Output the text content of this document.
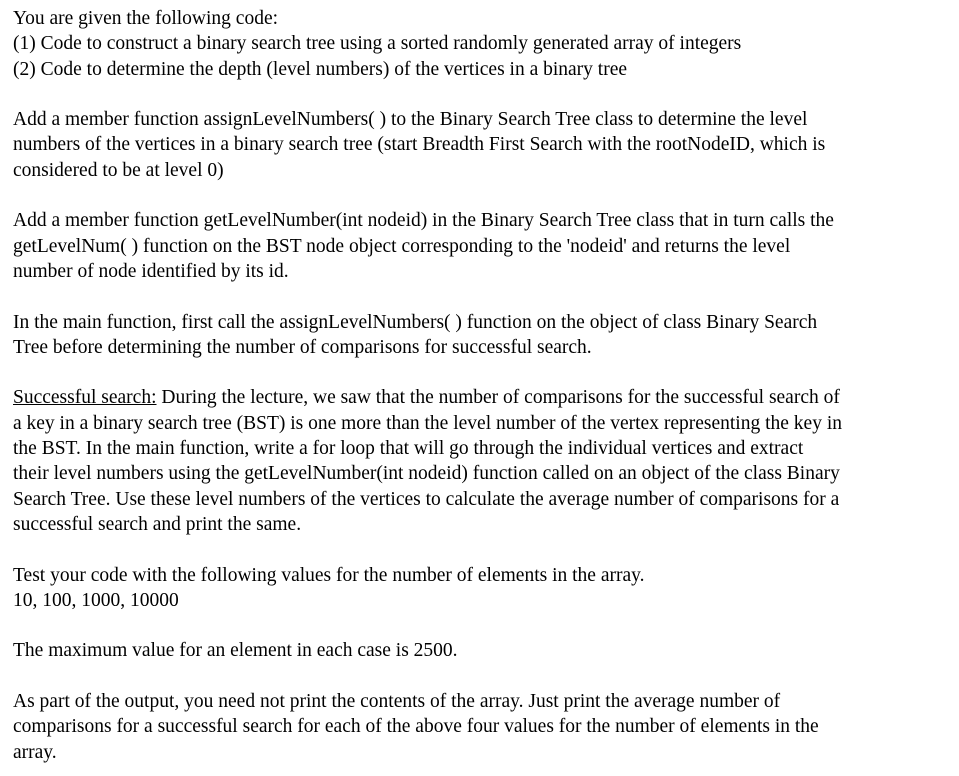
You are given the following code:
(1) Code to construct a binary search tree using a sorted randomly generated array of integers
(2) Code to determine the depth (level numbers) of the vertices in a binary tree

Add a member function assignLevelNumbers( ) to the Binary Search Tree class to determine the level
numbers of the vertices in a binary search tree (start Breadth First Search with the rootNodeID, which is
considered to be at level 0)

Add a member function getLevelNumber(int nodeid) in the Binary Search Tree class that in turn calls the
getLevelNum( ) function on the BST node object corresponding to the 'nodeid' and returns the level
number of node identified by its id.

In the main function, first call the assignLevelNumbers( ) function on the object of class Binary Search
Tree before determining the number of comparisons for successful search.

Successful search: During the lecture, we saw that the number of comparisons for the successful search of
a key in a binary search tree (BST) is one more than the level number of the vertex representing the key in
the BST. In the main function, write a for loop that will go through the individual vertices and extract
their level numbers using the getLevelNumber(int nodeid) function called on an object of the class Binary
Search Tree. Use these level numbers of the vertices to calculate the average number of comparisons for a
successful search and print the same.

Test your code with the following values for the number of elements in the array.
10, 100, 1000, 10000

The maximum value for an element in each case is 2500.

As part of the output, you need not print the contents of the array. Just print the average number of
comparisons for a successful search for each of the above four values for the number of elements in the
array.
